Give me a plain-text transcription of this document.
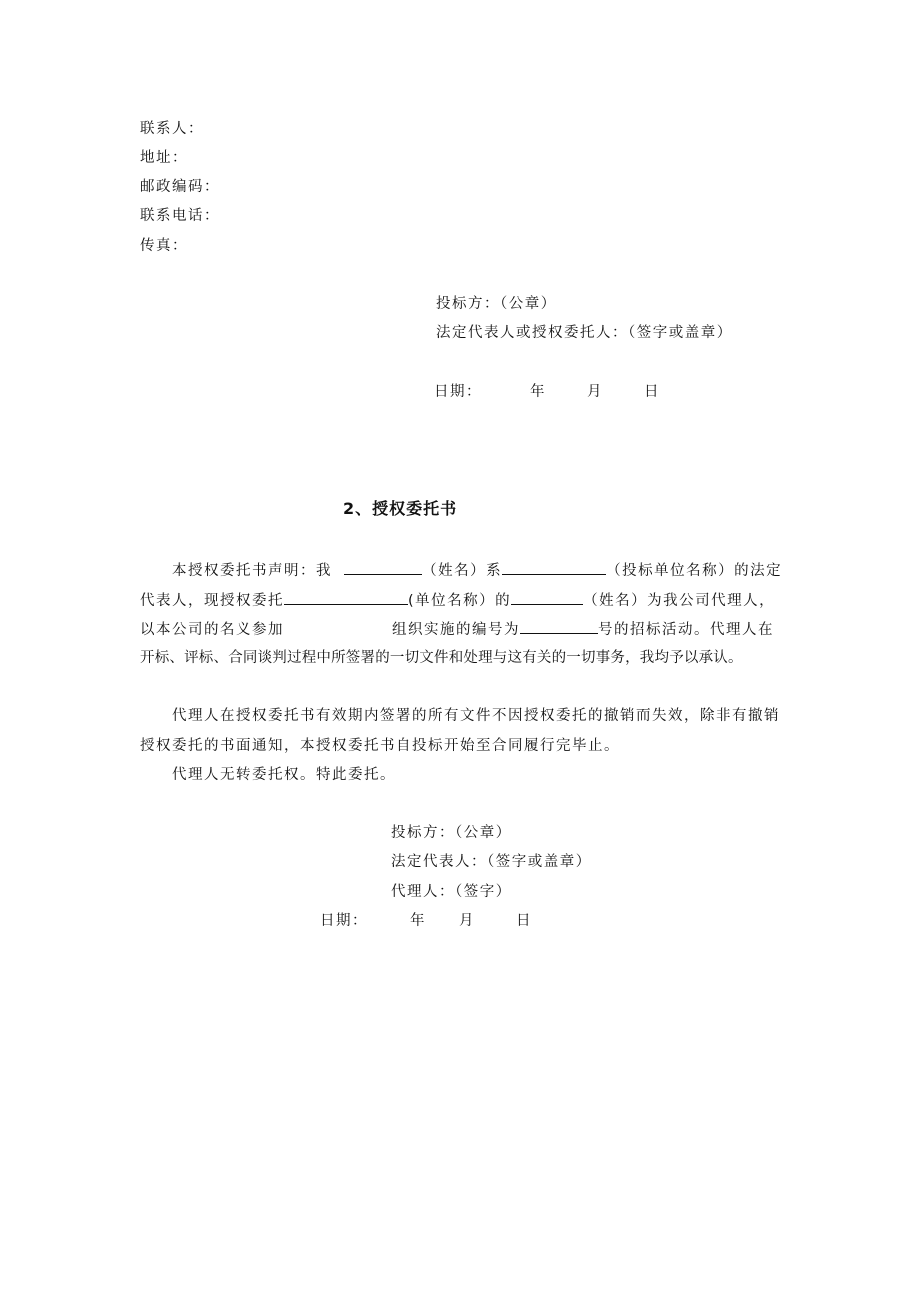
联系人：
地址：
邮政编码：
联系电话：
传真：
投标方：（公章）
法定代表人或授权委托人：（签字或盖章）
日期：	年	月	日
2、授权委托书
本授权委托书声明：我	（姓名）系	（投标单位名称）的法定
代表人，现授权委托	(单位名称）的	（姓名）为我公司代理人，
以本公司的名义参加	组织实施的编号为	号的招标活动。代理人在
开标、评标、合同谈判过程中所签署的一切文件和处理与这有关的一切事务，我均予以承认。
代理人在授权委托书有效期内签署的所有文件不因授权委托的撤销而失效，除非有撤销
授权委托的书面通知，本授权委托书自投标开始至合同履行完毕止。
代理人无转委托权。特此委托。
投标方：（公章）
法定代表人：（签字或盖章）
代理人：（签字）
日期：	年 月	日
